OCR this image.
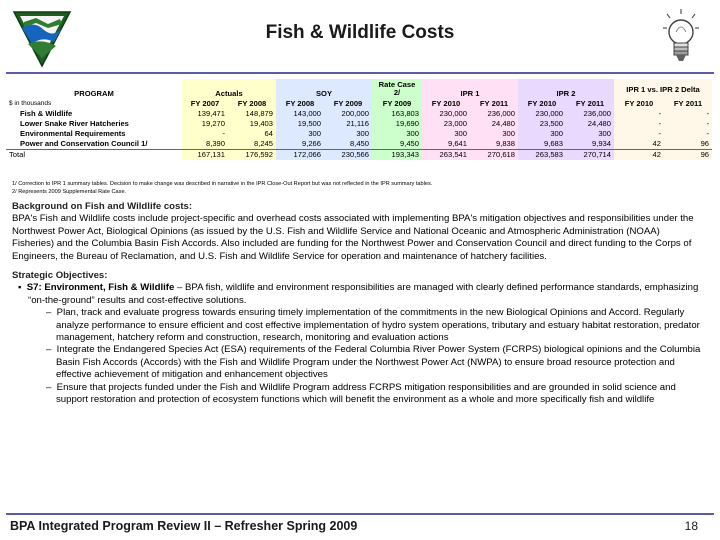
Fish & Wildlife Costs
					Rate Case 2/					IPR 1 vs. IPR 2 Delta	
PROGRAM	Actuals		SOY			IPR 1		IPR 2			
$ in thousands	FY 2007	FY 2008	FY 2008	FY 2009	FY 2009	FY 2010	FY 2011	FY 2010	FY 2011	FY 2010	FY 2011
Fish & Wildlife	139,471	148,879	143,000	200,000	163,803	230,000	236,000	230,000	236,000	-	-
Lower Snake River Hatcheries	19,270	19,403	19,500	21,116	19,690	23,000	24,480	23,500	24,480	-	-
Environmental Requirements	-	64	300	300	300	300	300	300	300	-	-
Power and Conservation Council 1/	8,390	8,245	9,266	8,450	9,450	9,641	9,838	9,683	9,934	42	96
Total	167,131	176,592	172,066	230,566	193,343	263,541	270,618	263,583	270,714	42	96
1/ Correction to IPR 1 summary tables. Decision to make change was described in narrative in the IPR Close-Out Report but was not reflected in the IPR summary tables.
2/ Represents 2009 Supplemental Rate Case.

Background on Fish and Wildlife costs:

BPA's Fish and Wildlife costs include project-specific and overhead costs associated with implementing BPA's mitigation objectives and responsibilities under the Northwest Power Act, Biological Opinions (as issued by the U.S. Fish and Wildlife Service and National Oceanic and Atmospheric Administration (NOAA) Fisheries) and the Columbia Basin Fish Accords. Also included are funding for the Northwest Power and Conservation Council and direct funding to the Corps of Engineers, the Bureau of Reclamation, and U.S. Fish and Wildlife Service for operation and maintenance of hatchery facilities.

Strategic Objectives:

▪  S7: Environment, Fish & Wildlife – BPA fish, wildlife and environment responsibilities are managed with clearly defined performance standards, emphasizing “on-the-ground” results and cost-effective solutions.

–  Plan, track and evaluate progress towards ensuring timely implementation of the commitments in the new Biological Opinions and Accord. Regularly analyze performance to ensure efficient and cost effective implementation of hydro system operations, tributary and estuary habitat restoration, predator management, hatchery reform and construction, research, monitoring and evaluation actions

–  Integrate the Endangered Species Act (ESA) requirements of the Federal Columbia River Power System (FCRPS) biological opinions and the Columbia Basin Fish Accords (Accords) with the Fish and Wildlife Program under the Northwest Power Act (NWPA) to ensure broad resource protection and effective achievement of mitigation and enhancement objectives

–  Ensure that projects funded under the Fish and Wildlife Program address FCRPS mitigation responsibilities and are grounded in solid science and support restoration and protection of ecosystem functions which will benefit the environment as a whole and more specifically fish and wildlife

BPA Integrated Program Review II – Refresher Spring 2009	18
